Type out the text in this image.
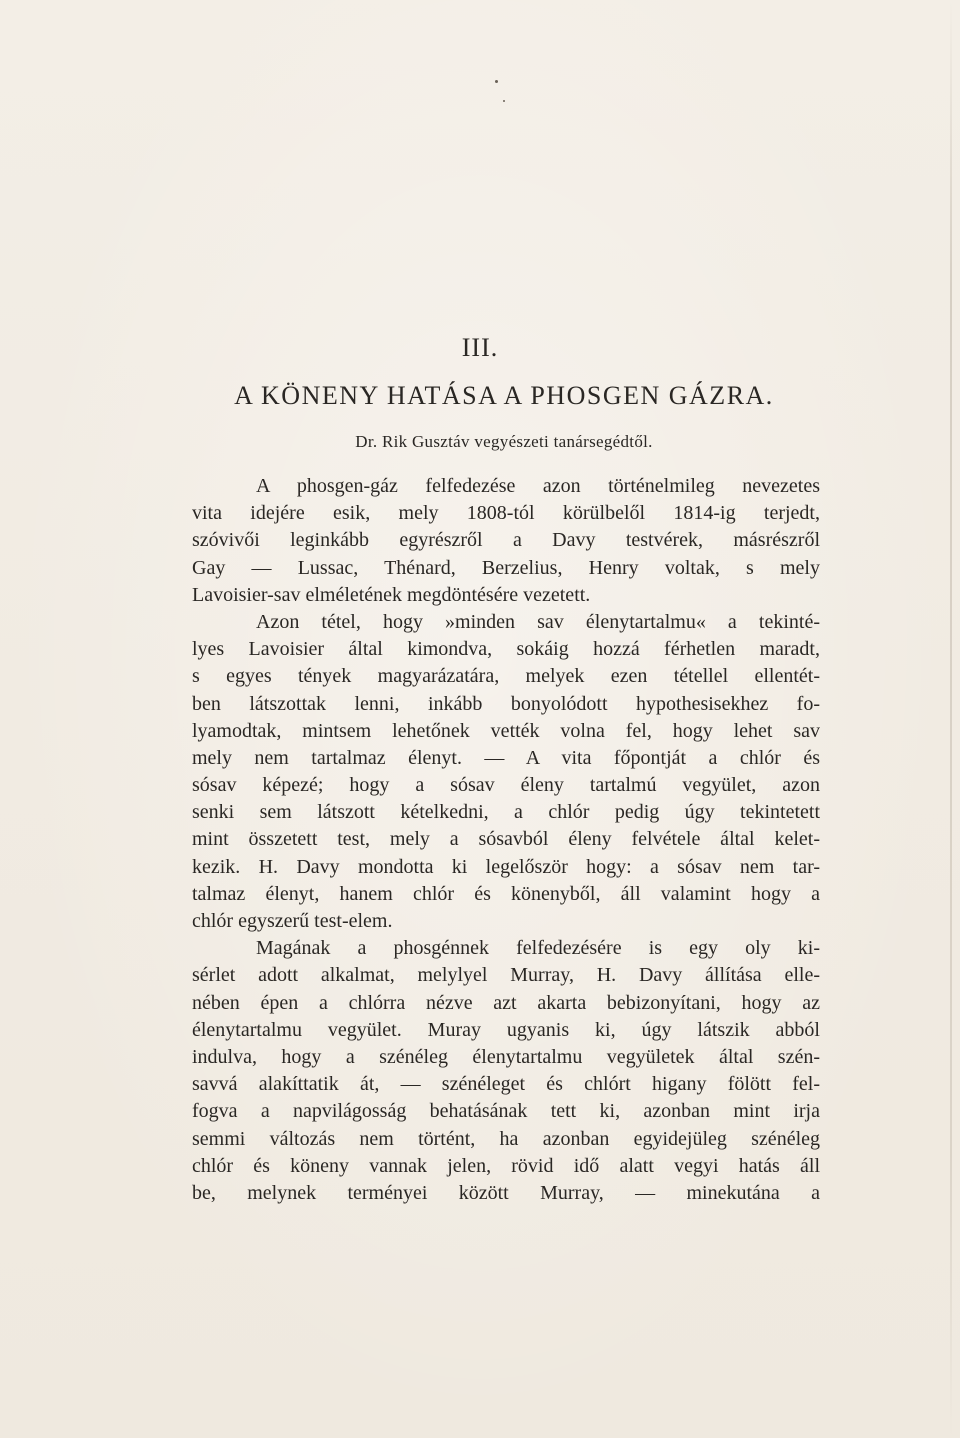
III.
A KÖNENY HATÁSA A PHOSGEN GÁZRA.
Dr. Rik Gusztáv vegyészeti tanársegédtől.
A phosgen-gáz felfedezése azon történelmileg nevezetes
vita idejére esik, mely 1808-tól körülbelől 1814-ig terjedt,
szóvivői leginkább egyrészről a Davy testvérek, másrészről
Gay — Lussac, Thénard, Berzelius, Henry voltak, s mely
Lavoisier-sav elméletének megdöntésére vezetett.
Azon tétel, hogy »minden sav élenytartalmu« a tekinté-
lyes Lavoisier által kimondva, sokáig hozzá férhetlen maradt,
s egyes tények magyarázatára, melyek ezen tétellel ellentét-
ben látszottak lenni, inkább bonyolódott hypothesisekhez fo-
lyamodtak, mintsem lehetőnek vették volna fel, hogy lehet sav
mely nem tartalmaz élenyt. — A vita főpontját a chlór és
sósav képezé; hogy a sósav éleny tartalmú vegyület, azon
senki sem látszott kételkedni, a chlór pedig úgy tekintetett
mint összetett test, mely a sósavból éleny felvétele által kelet-
kezik. H. Davy mondotta ki legelőször hogy: a sósav nem tar-
talmaz élenyt, hanem chlór és könenyből, áll valamint hogy a
chlór egyszerű test-elem.
Magának a phosgénnek felfedezésére is egy oly ki-
sérlet adott alkalmat, melylyel Murray, H. Davy állítása elle-
nében épen a chlórra nézve azt akarta bebizonyítani, hogy az
élenytartalmu vegyület. Muray ugyanis ki, úgy látszik abból
indulva, hogy a szénéleg élenytartalmu vegyületek által szén-
savvá alakíttatik át, — szénéleget és chlórt higany fölött fel-
fogva a napvilágosság behatásának tett ki, azonban mint irja
semmi változás nem történt, ha azonban egyidejüleg szénéleg
chlór és köneny vannak jelen, rövid idő alatt vegyi hatás áll
be, melynek terményei között Murray, — minekutána a
